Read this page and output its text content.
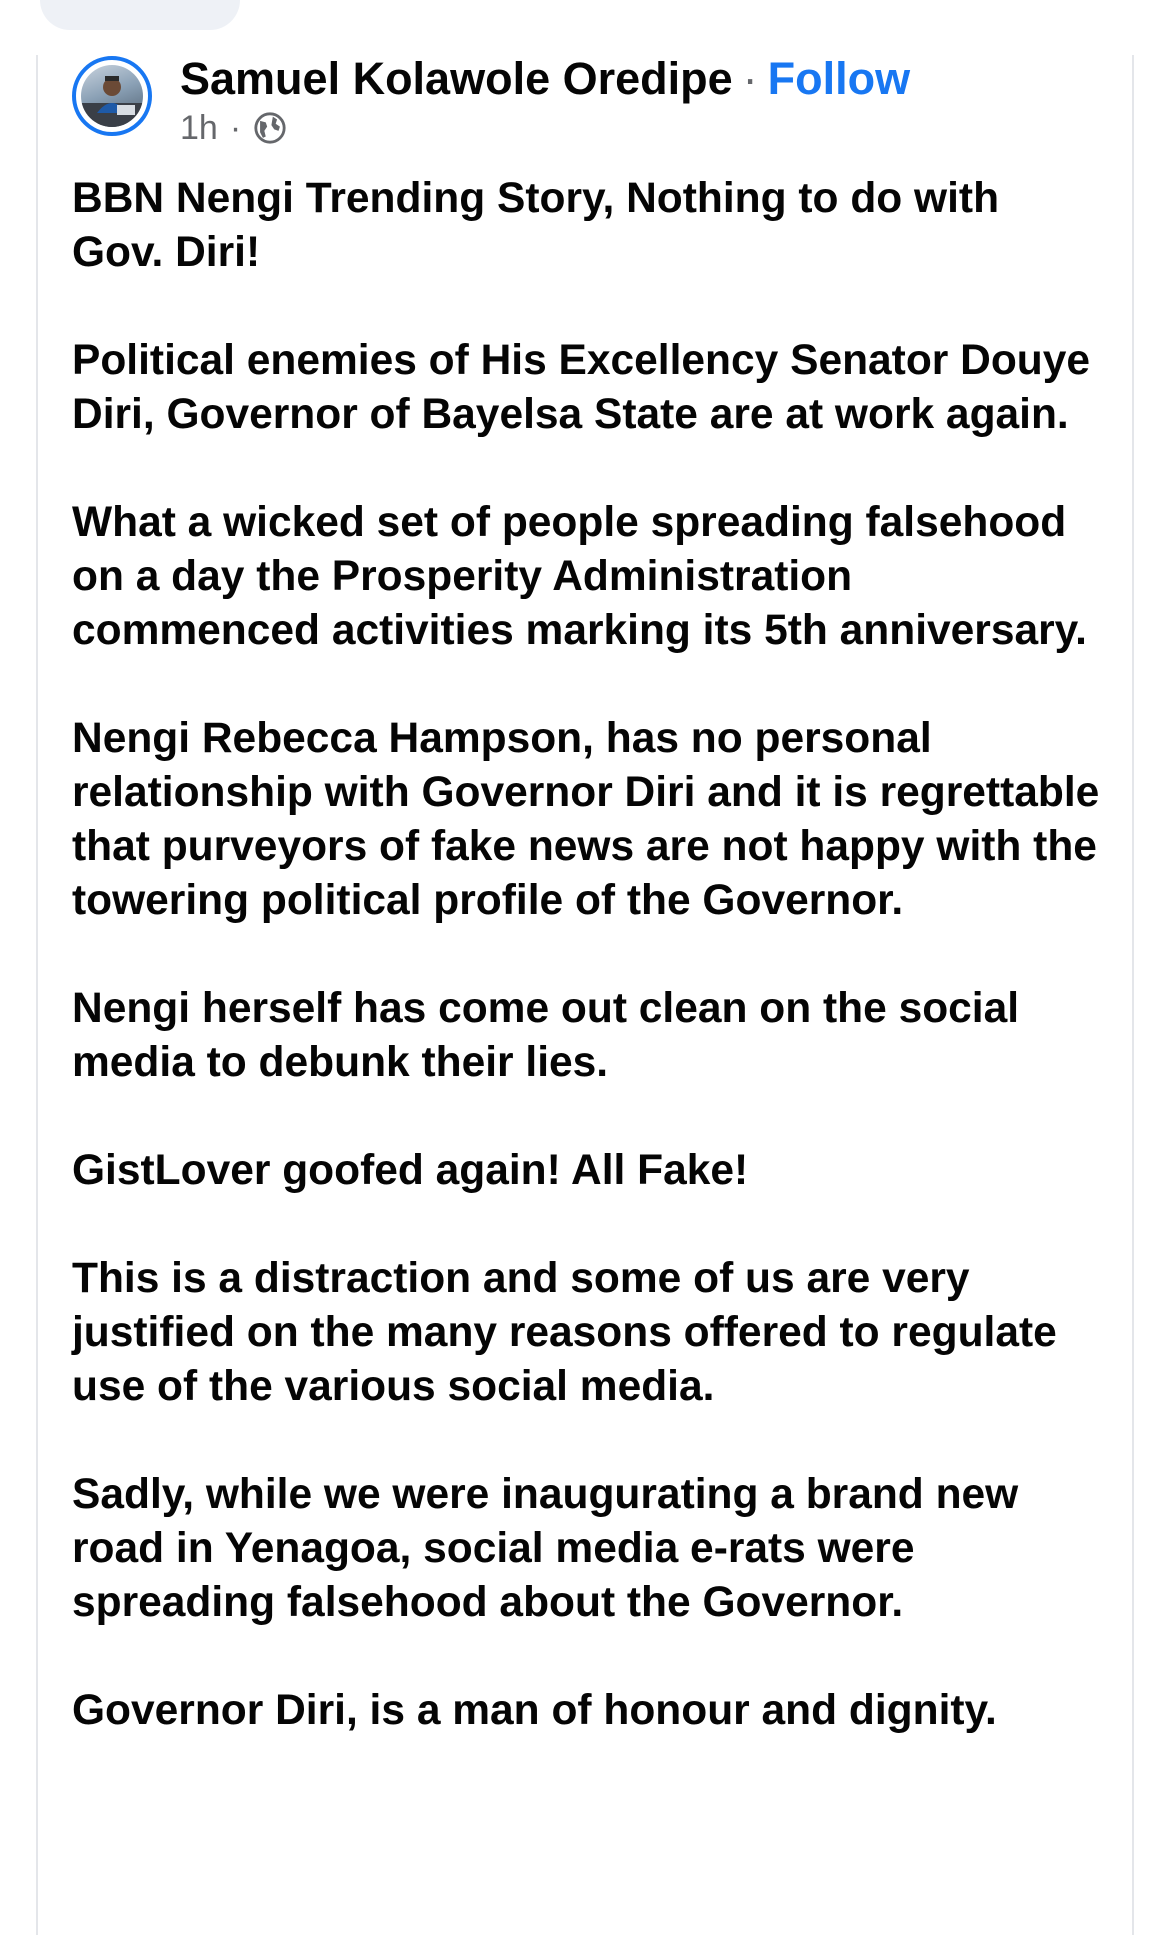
Samuel Kolawole Oredipe · Follow
1h ·

BBN Nengi Trending Story, Nothing to do with Gov. Diri!

Political enemies of His Excellency Senator Douye Diri, Governor of Bayelsa State are at work again.

What a wicked set of people spreading falsehood on a day the Prosperity Administration commenced activities marking its 5th anniversary.

Nengi Rebecca Hampson, has no personal relationship with Governor Diri and it is regrettable that purveyors of fake news are not happy with the towering political profile of the Governor.

Nengi herself has come out clean on the social media to debunk their lies.

GistLover goofed again! All Fake!

This is a distraction and some of us are very justified on the many reasons offered to regulate use of the various social media.

Sadly, while we were inaugurating a brand new road in Yenagoa, social media e-rats were spreading falsehood about the Governor.

Governor Diri, is a man of honour and dignity.
